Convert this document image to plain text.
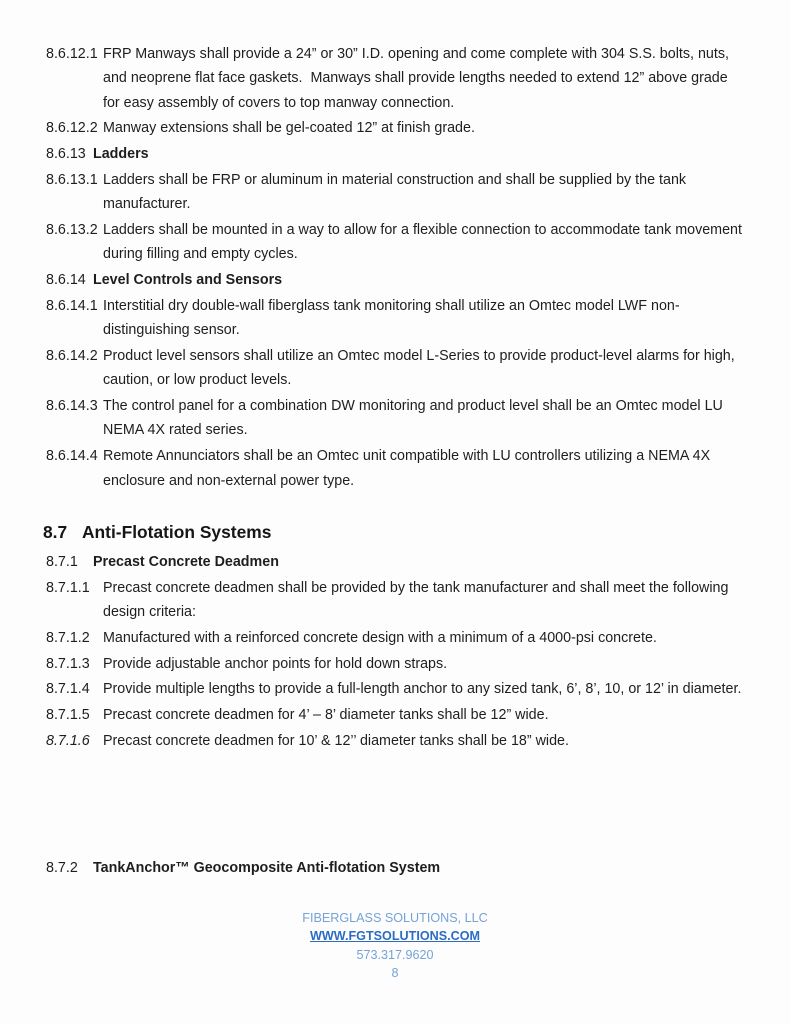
8.6.12.1 FRP Manways shall provide a 24” or 30” I.D. opening and come complete with 304 S.S. bolts, nuts, and neoprene flat face gaskets.  Manways shall provide lengths needed to extend 12” above grade for easy assembly of covers to top manway connection.
8.6.12.2 Manway extensions shall be gel-coated 12” at finish grade.
8.6.13 Ladders
8.6.13.1 Ladders shall be FRP or aluminum in material construction and shall be supplied by the tank manufacturer.
8.6.13.2 Ladders shall be mounted in a way to allow for a flexible connection to accommodate tank movement during filling and empty cycles.
8.6.14 Level Controls and Sensors
8.6.14.1 Interstitial dry double-wall fiberglass tank monitoring shall utilize an Omtec model LWF non-distinguishing sensor.
8.6.14.2 Product level sensors shall utilize an Omtec model L-Series to provide product-level alarms for high, caution, or low product levels.
8.6.14.3 The control panel for a combination DW monitoring and product level shall be an Omtec model LU NEMA 4X rated series.
8.6.14.4 Remote Annunciators shall be an Omtec unit compatible with LU controllers utilizing a NEMA 4X enclosure and non-external power type.
8.7 Anti-Flotation Systems
8.7.1 Precast Concrete Deadmen
8.7.1.1 Precast concrete deadmen shall be provided by the tank manufacturer and shall meet the following design criteria:
8.7.1.2 Manufactured with a reinforced concrete design with a minimum of a 4000-psi concrete.
8.7.1.3 Provide adjustable anchor points for hold down straps.
8.7.1.4 Provide multiple lengths to provide a full-length anchor to any sized tank, 6’, 8’, 10, or 12’ in diameter.
8.7.1.5 Precast concrete deadmen for 4’ – 8’ diameter tanks shall be 12” wide.
8.7.1.6 Precast concrete deadmen for 10’ & 12’’ diameter tanks shall be 18” wide.
8.7.2 TankAnchor™ Geocomposite Anti-flotation System
FIBERGLASS SOLUTIONS, LLC
WWW.FGTSOLUTIONS.COM
573.317.9620
8
